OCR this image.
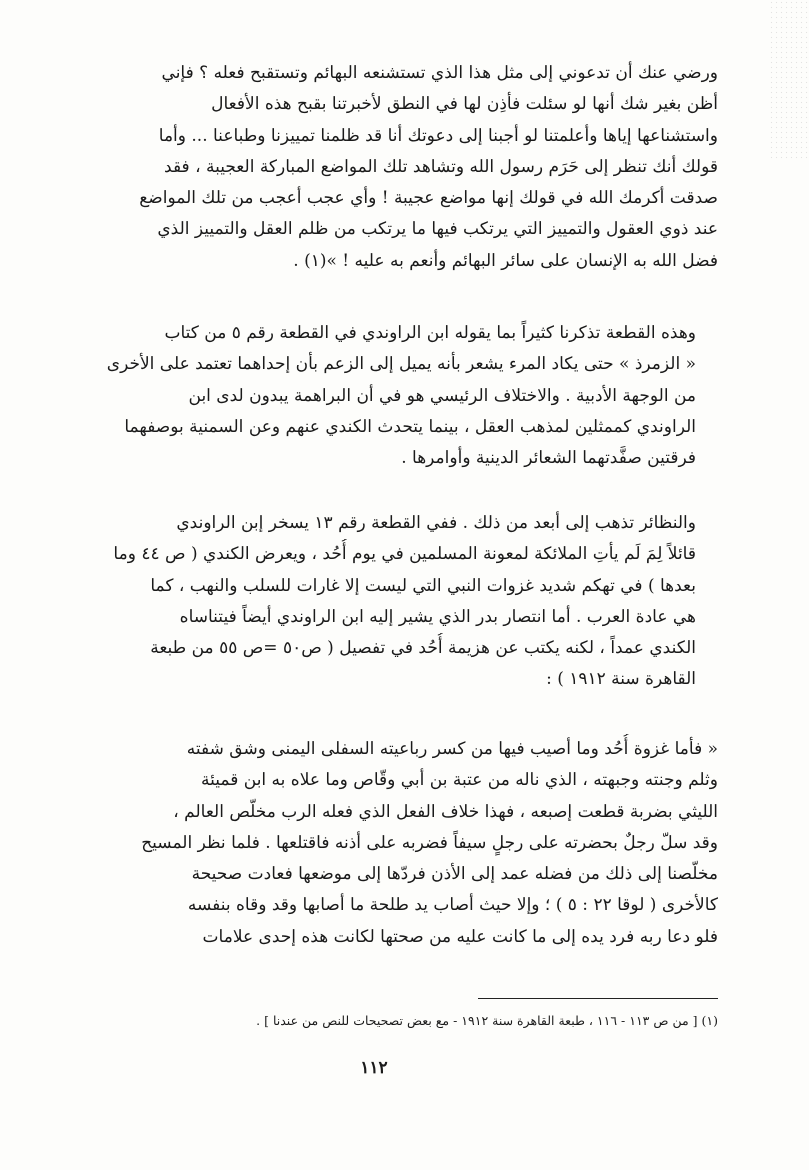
ورضي عنك أن تدعوني إلى مثل هذا الذي تستشنعه البهائم وتستقبح فعله ؟ فإني
أظن بغير شك أنها لو سئلت فأذِن لها في النطق لأخبرتنا بقبح هذه الأفعال
واستشناعها إياها وأعلمتنا لو أجبنا إلى دعوتك أنا قد ظلمنا تمييزنا وطباعنا ... وأما
قولك أنك تنظر إلى حَرَم رسول الله وتشاهد تلك المواضع المباركة العجيبة ، فقد
صدقت أكرمك الله في قولك إنها مواضع عجيبة ! وأي عجب أعجب من تلك المواضع
عند ذوي العقول والتمييز التي يرتكب فيها ما يرتكب من ظلم العقل والتمييز الذي
فضل الله به الإنسان على سائر البهائم وأنعم به عليه ! »(١) .
وهذه القطعة تذكرنا كثيراً بما يقوله ابن الراوندي في القطعة رقم ٥ من كتاب
« الزمرذ » حتى يكاد المرء يشعر بأنه يميل إلى الزعم بأن إحداهما تعتمد على الأخرى
من الوجهة الأدبية . والاختلاف الرئيسي هو في أن البراهمة يبدون لدى ابن
الراوندي كممثلين لمذهب العقل ، بينما يتحدث الكندي عنهم وعن السمنية بوصفهما
فرقتين صفَّدتهما الشعائر الدينية وأوامرها .
والنظائر تذهب إلى أبعد من ذلك . ففي القطعة رقم ١٣ يسخر إبن الراوندي
قائلاً لِمَ لَم يأتِ الملائكة لمعونة المسلمين في يوم أُحُد ، ويعرض الكندي ( ص ٤٤ وما
بعدها ) في تهكم شديد غزوات النبي التي ليست إلا غارات للسلب والنهب ، كما
هي عادة العرب . أما انتصار بدر الذي يشير إليه ابن الراوندي أيضاً فيتناساه
الكندي عمداً ، لكنه يكتب عن هزيمة أُحُد في تفصيل ( ص٥٠ =ص ٥٥ من طبعة
القاهرة سنة ١٩١٢ ) :
« فأما غزوة أُحُد وما أصيب فيها من كسر رباعيته السفلى اليمنى وشق شفته
وثلم وجنته وجبهته ، الذي ناله من عتبة بن أبي وقّاص وما علاه به ابن قميئة
الليثي بضربة قطعت إصبعه ، فهذا خلاف الفعل الذي فعله الرب مخلّص العالم ،
وقد سلّ رجلٌ بحضرته على رجلٍ سيفاً فضربه على أذنه فاقتلعها . فلما نظر المسيح
مخلّصنا إلى ذلك من فضله عمد إلى الأذن فردّها إلى موضعها فعادت صحيحة
كالأخرى ( لوقا ٢٢ : ٥ ) ؛ وإلا حيث أصاب يد طلحة ما أصابها وقد وقاه بنفسه
فلو دعا ربه فرد يده إلى ما كانت عليه من صحتها لكانت هذه إحدى علامات
(١) [ من ص ١١٣ - ١١٦ ، طبعة القاهرة سنة ١٩١٢ - مع بعض تصحيحات للنص من عندنا ] .
١١٢
